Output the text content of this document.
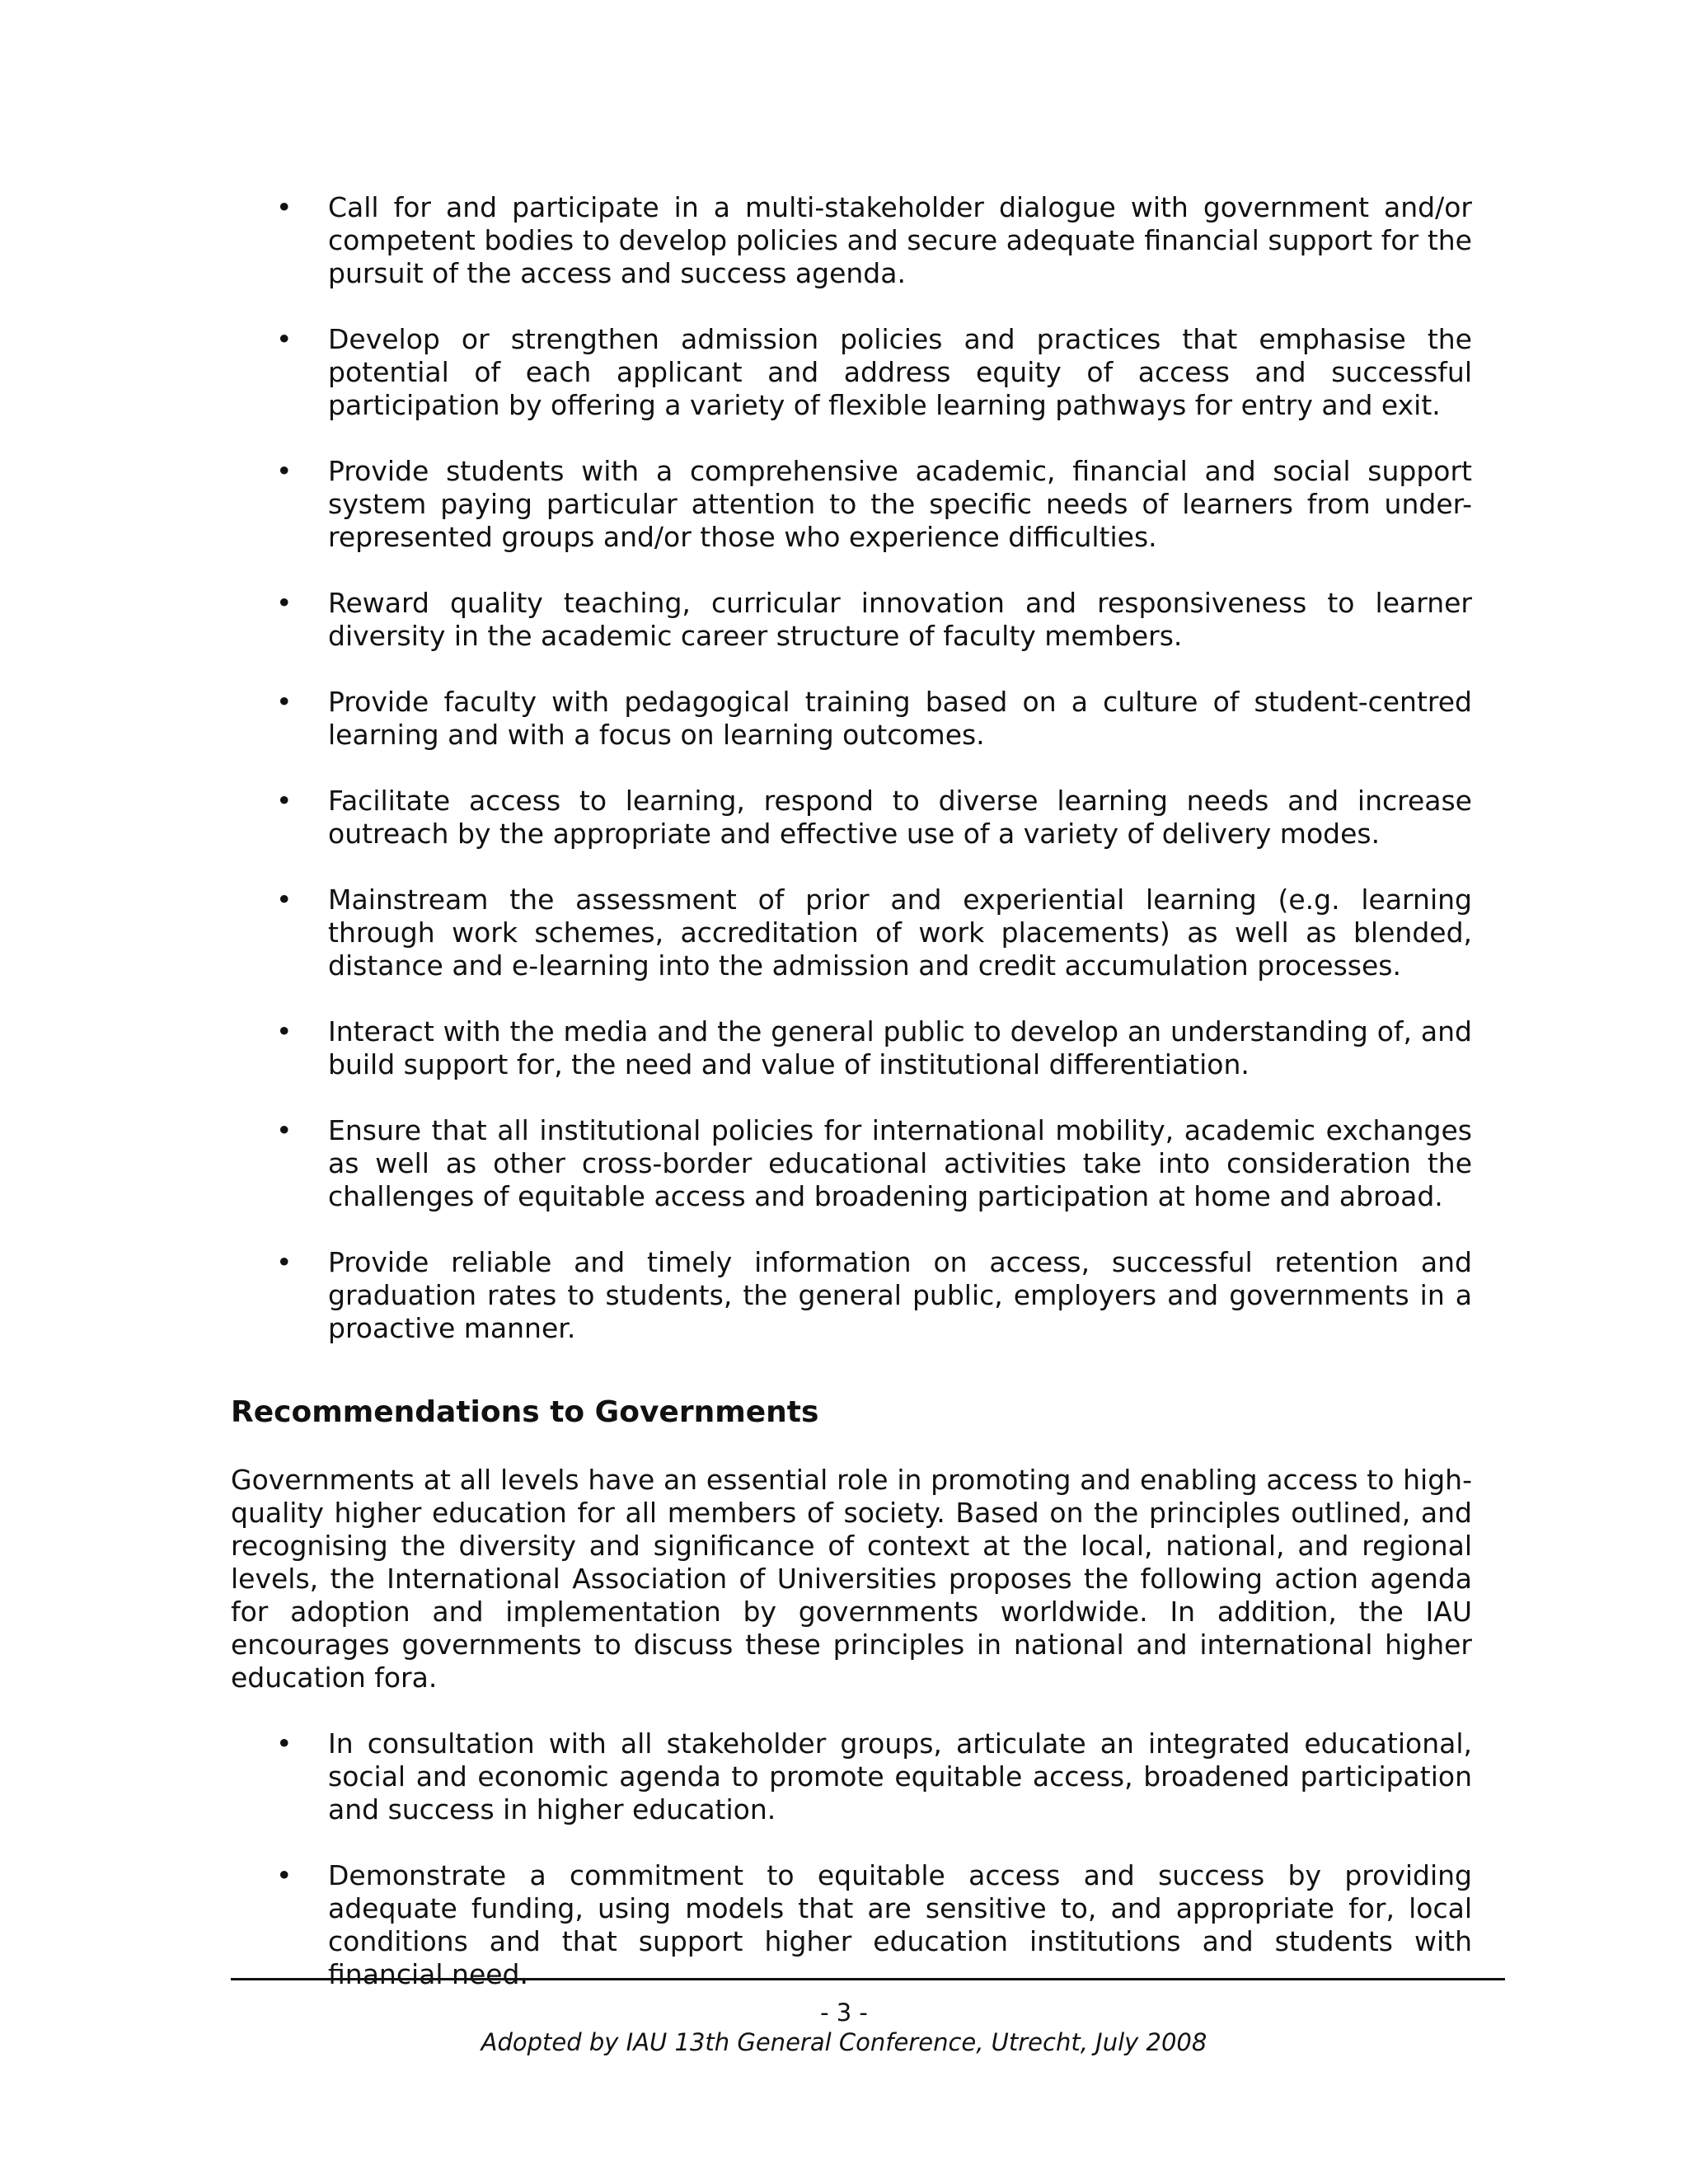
•	Call for and participate in a multi-stakeholder dialogue with government and/or competent bodies to develop policies and secure adequate financial support for the pursuit of the access and success agenda.
•	Develop or strengthen admission policies and practices that emphasise the potential of each applicant and address equity of access and successful participation by offering a variety of flexible learning pathways for entry and exit.
•	Provide students with a comprehensive academic, financial and social support system paying particular attention to the specific needs of learners from under-represented groups and/or those who experience difficulties.
•	Reward quality teaching, curricular innovation and responsiveness to learner diversity in the academic career structure of faculty members.
•	Provide faculty with pedagogical training based on a culture of student-centred learning and with a focus on learning outcomes.
•	Facilitate access to learning, respond to diverse learning needs and increase outreach by the appropriate and effective use of a variety of delivery modes.
•	Mainstream the assessment of prior and experiential learning (e.g. learning through work schemes, accreditation of work placements) as well as blended, distance and e-learning into the admission and credit accumulation processes.
•	Interact with the media and the general public to develop an understanding of, and build support for, the need and value of institutional differentiation.
•	Ensure that all institutional policies for international mobility, academic exchanges as well as other cross-border educational activities take into consideration the challenges of equitable access and broadening participation at home and abroad.
•	Provide reliable and timely information on access, successful retention and graduation rates to students, the general public, employers and governments in a proactive manner.
Recommendations to Governments

Governments at all levels have an essential role in promoting and enabling access to high-quality higher education for all members of society. Based on the principles outlined, and recognising the diversity and significance of context at the local, national, and regional levels, the International Association of Universities proposes the following action agenda for adoption and implementation by governments worldwide. In addition, the IAU encourages governments to discuss these principles in national and international higher education fora.

•	In consultation with all stakeholder groups, articulate an integrated educational, social and economic agenda to promote equitable access, broadened participation and success in higher education.
•	Demonstrate a commitment to equitable access and success by providing adequate funding, using models that are sensitive to, and appropriate for, local conditions and that support higher education institutions and students with financial need.
- 3 -
Adopted by IAU 13th General Conference, Utrecht, July 2008
